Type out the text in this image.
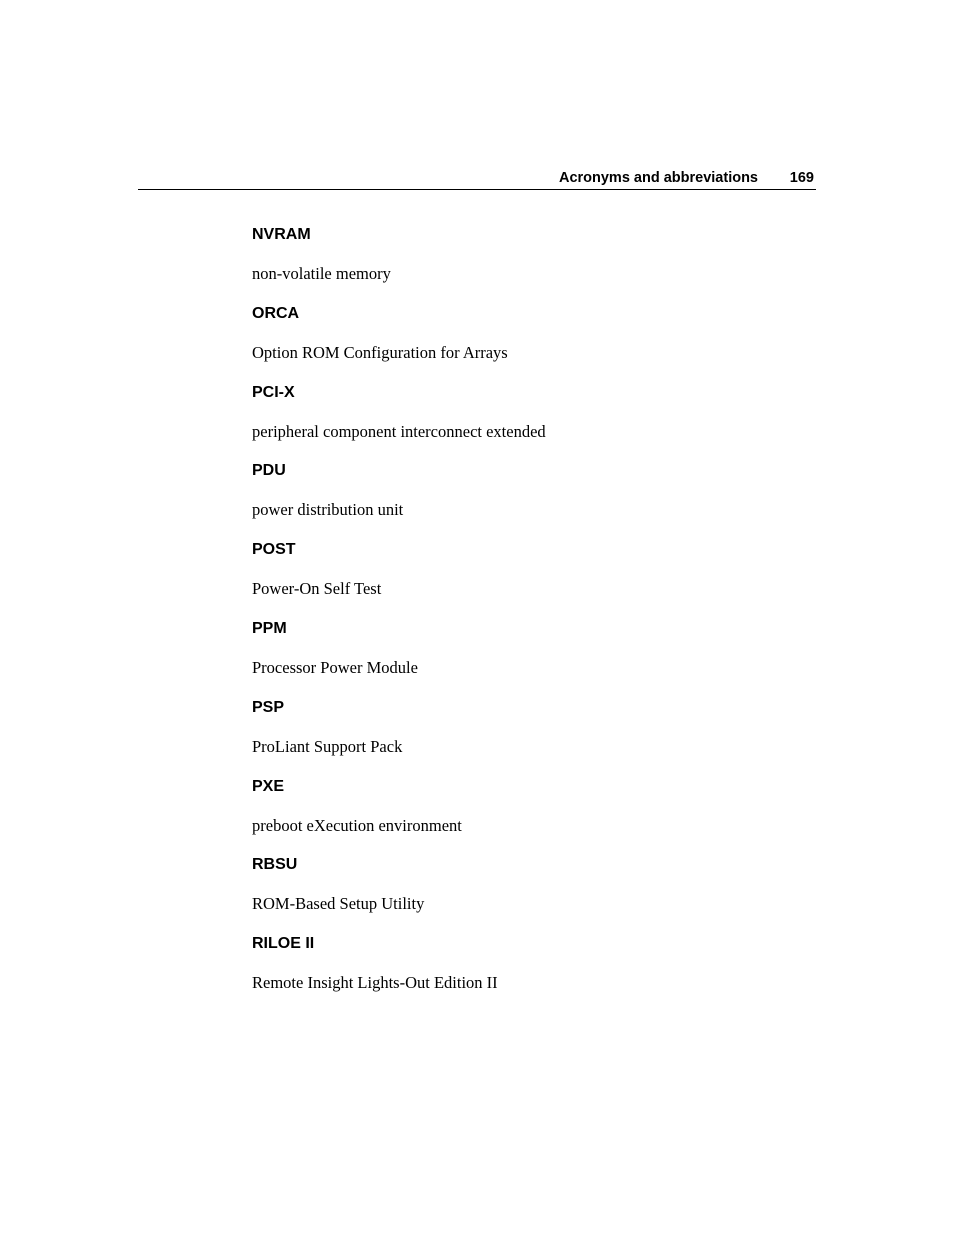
Acronyms and abbreviations 169
NVRAM
non-volatile memory
ORCA
Option ROM Configuration for Arrays
PCI-X
peripheral component interconnect extended
PDU
power distribution unit
POST
Power-On Self Test
PPM
Processor Power Module
PSP
ProLiant Support Pack
PXE
preboot eXecution environment
RBSU
ROM-Based Setup Utility
RILOE II
Remote Insight Lights-Out Edition II
